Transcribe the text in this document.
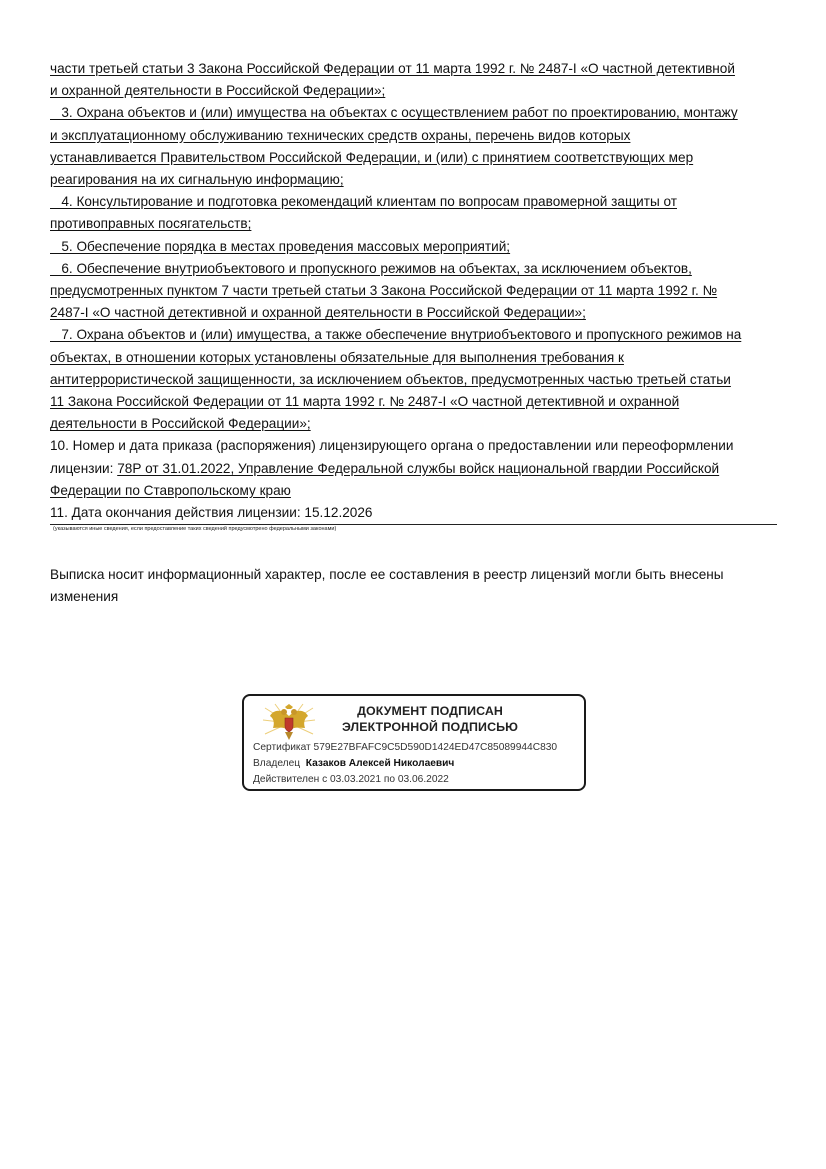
части третьей статьи 3 Закона Российской Федерации от 11 марта 1992 г. № 2487-I «О частной детективной
и охранной деятельности в Российской Федерации»;
3. Охрана объектов и (или) имущества на объектах с осуществлением работ по проектированию, монтажу
и эксплуатационному обслуживанию технических средств охраны, перечень видов которых
устанавливается Правительством Российской Федерации, и (или) с принятием соответствующих мер
реагирования на их сигнальную информацию;
4. Консультирование и подготовка рекомендаций клиентам по вопросам правомерной защиты от
противоправных посягательств;
5. Обеспечение порядка в местах проведения массовых мероприятий;
6. Обеспечение внутриобъектового и пропускного режимов на объектах, за исключением объектов,
предусмотренных пунктом 7 части третьей статьи 3 Закона Российской Федерации от 11 марта 1992 г. №
2487-I «О частной детективной и охранной деятельности в Российской Федерации»;
7. Охрана объектов и (или) имущества, а также обеспечение внутриобъектового и пропускного режимов на
объектах, в отношении которых установлены обязательные для выполнения требования к
антитеррористической защищенности, за исключением объектов, предусмотренных частью третьей статьи
11 Закона Российской Федерации от 11 марта 1992 г. № 2487-I «О частной детективной и охранной
деятельности в Российской Федерации»;
10. Номер и дата приказа (распоряжения) лицензирующего органа о предоставлении или переоформлении
лицензии: 78Р от 31.01.2022, Управление Федеральной службы войск национальной гвардии Российской
Федерации по Ставропольскому краю
11. Дата окончания действия лицензии: 15.12.2026
(указываются иные сведения, если предоставление таких сведений предусмотрено федеральными законами)
Выписка носит информационный характер, после ее составления в реестр лицензий могли быть внесены
изменения
ДОКУМЕНТ ПОДПИСАН
ЭЛЕКТРОННОЙ ПОДПИСЬЮ
Сертификат 579E27BFAFC9C5D590D1424ED47C85089944C830
Владелец Казаков Алексей Николаевич
Действителен с 03.03.2021 по 03.06.2022
